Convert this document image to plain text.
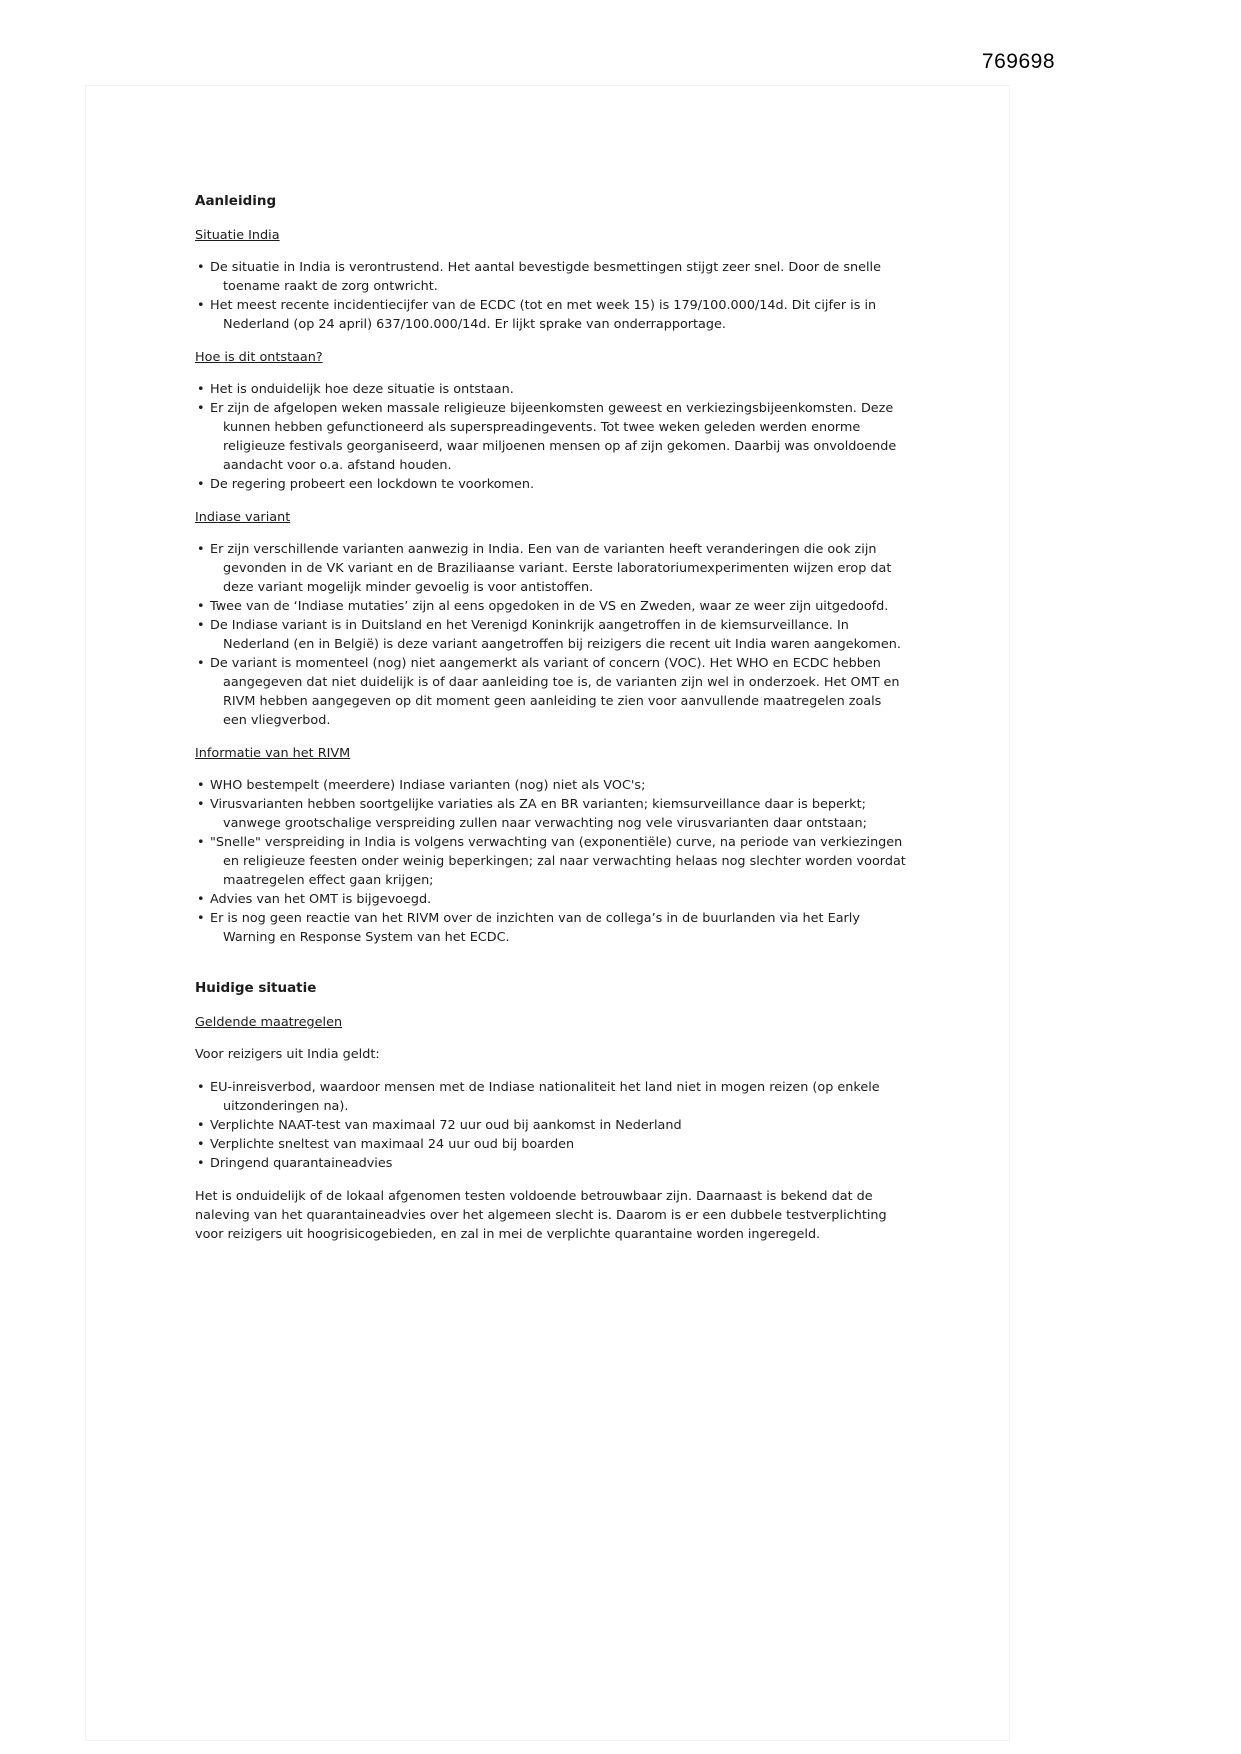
769698
Aanleiding
Situatie India
• De situatie in India is verontrustend. Het aantal bevestigde besmettingen stijgt zeer snel. Door de snelle toename raakt de zorg ontwricht.
• Het meest recente incidentiecijfer van de ECDC (tot en met week 15) is 179/100.000/14d. Dit cijfer is in Nederland (op 24 april) 637/100.000/14d. Er lijkt sprake van onderrapportage.
Hoe is dit ontstaan?
• Het is onduidelijk hoe deze situatie is ontstaan.
• Er zijn de afgelopen weken massale religieuze bijeenkomsten geweest en verkiezingsbijeenkomsten. Deze kunnen hebben gefunctioneerd als superspreadingevents. Tot twee weken geleden werden enorme religieuze festivals georganiseerd, waar miljoenen mensen op af zijn gekomen. Daarbij was onvoldoende aandacht voor o.a. afstand houden.
• De regering probeert een lockdown te voorkomen.
Indiase variant
• Er zijn verschillende varianten aanwezig in India. Een van de varianten heeft veranderingen die ook zijn gevonden in de VK variant en de Braziliaanse variant. Eerste laboratoriumexperimenten wijzen erop dat deze variant mogelijk minder gevoelig is voor antistoffen.
• Twee van de ‘Indiase mutaties’ zijn al eens opgedoken in de VS en Zweden, waar ze weer zijn uitgedoofd.
• De Indiase variant is in Duitsland en het Verenigd Koninkrijk aangetroffen in de kiemsurveillance. In Nederland (en in België) is deze variant aangetroffen bij reizigers die recent uit India waren aangekomen.
• De variant is momenteel (nog) niet aangemerkt als variant of concern (VOC). Het WHO en ECDC hebben aangegeven dat niet duidelijk is of daar aanleiding toe is, de varianten zijn wel in onderzoek. Het OMT en RIVM hebben aangegeven op dit moment geen aanleiding te zien voor aanvullende maatregelen zoals een vliegverbod.
Informatie van het RIVM
• WHO bestempelt (meerdere) Indiase varianten (nog) niet als VOC's;
• Virusvarianten hebben soortgelijke variaties als ZA en BR varianten; kiemsurveillance daar is beperkt; vanwege grootschalige verspreiding zullen naar verwachting nog vele virusvarianten daar ontstaan;
• "Snelle" verspreiding in India is volgens verwachting van (exponentiële) curve, na periode van verkiezingen en religieuze feesten onder weinig beperkingen; zal naar verwachting helaas nog slechter worden voordat maatregelen effect gaan krijgen;
• Advies van het OMT is bijgevoegd.
• Er is nog geen reactie van het RIVM over de inzichten van de collega’s in de buurlanden via het Early Warning en Response System van het ECDC.
Huidige situatie
Geldende maatregelen

Voor reizigers uit India geldt:

• EU-inreisverbod, waardoor mensen met de Indiase nationaliteit het land niet in mogen reizen (op enkele uitzonderingen na).
• Verplichte NAAT-test van maximaal 72 uur oud bij aankomst in Nederland
• Verplichte sneltest van maximaal 24 uur oud bij boarden
• Dringend quarantaineadvies

Het is onduidelijk of de lokaal afgenomen testen voldoende betrouwbaar zijn. Daarnaast is bekend dat de naleving van het quarantaineadvies over het algemeen slecht is. Daarom is er een dubbele testverplichting voor reizigers uit hoogrisicogebieden, en zal in mei de verplichte quarantaine worden ingeregeld.
